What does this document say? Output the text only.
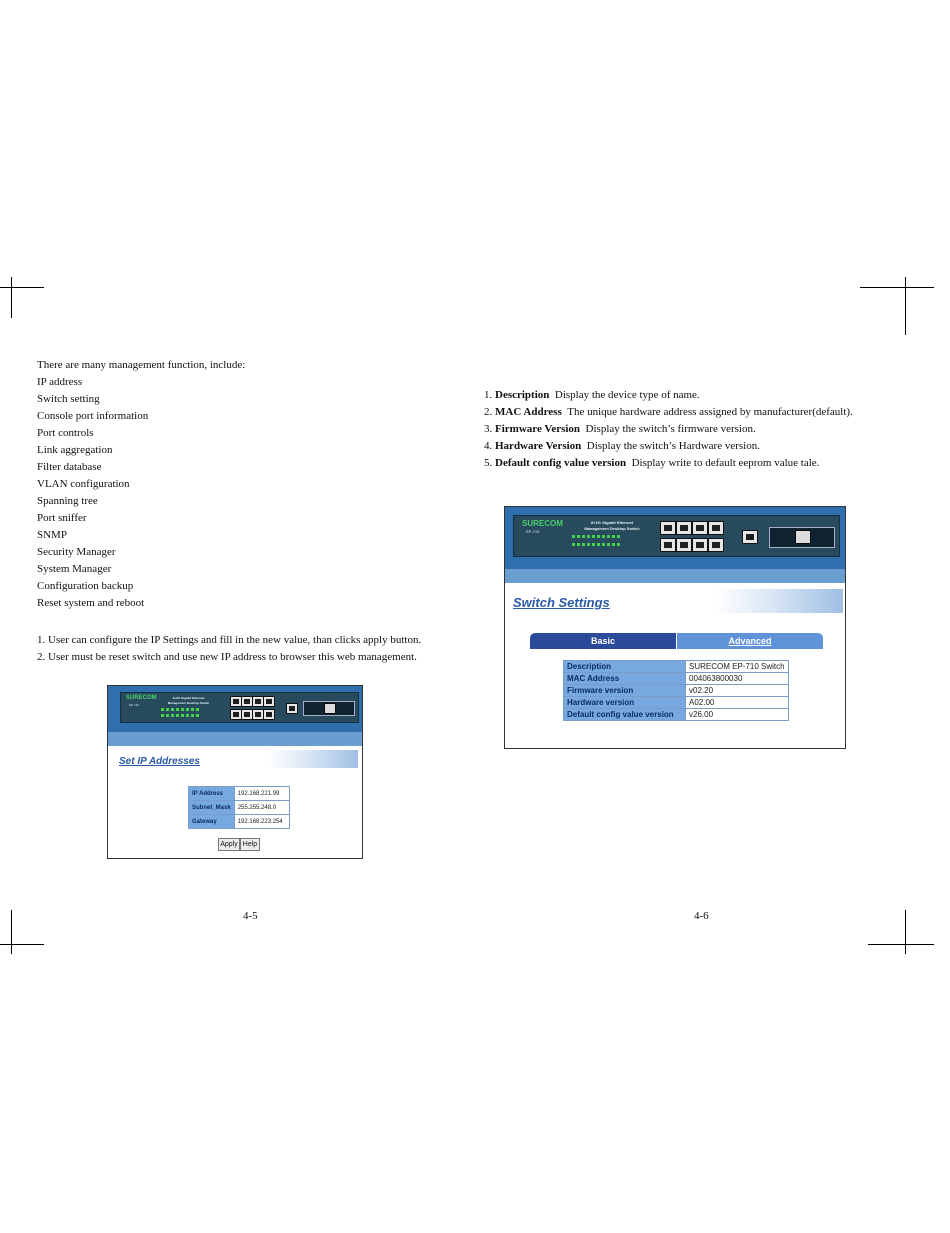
There are many management function, include:
IP address
Switch setting
Console port information
Port controls
Link aggregation
Filter database
VLAN configuration
Spanning tree
Port sniffer
SNMP
Security Manager
System Manager
Configuration backup
Reset system and reboot
1. User can configure the IP Settings and fill in the new value, than clicks apply button.
2. User must be reset switch and use new IP address to browser this web management.
SURECOM
EP-710
8+2G Gigabit Ethernet
Management Desktop Switch
Set IP Addresses
IP Address	192.168.221.99
Subnet_Mask	255.255.248.0
Gateway	192.168.223.254
Apply Help
4-5
1. Description Display the device type of name.
2. MAC Address The unique hardware address assigned by manufacturer(default).
3. Firmware Version Display the switch’s firmware version.
4. Hardware Version Display the switch’s Hardware version.
5. Default config value version Display write to default eeprom value tale.
SURECOM
EP-710
8+2G Gigabit Ethernet
Management Desktop Switch
Switch Settings
Basic	Advanced
Description	SURECOM EP-710 Switch
MAC Address	004063800030
Firmware version	v02.20
Hardware version	A02.00
Default config value version	v26.00
4-6
